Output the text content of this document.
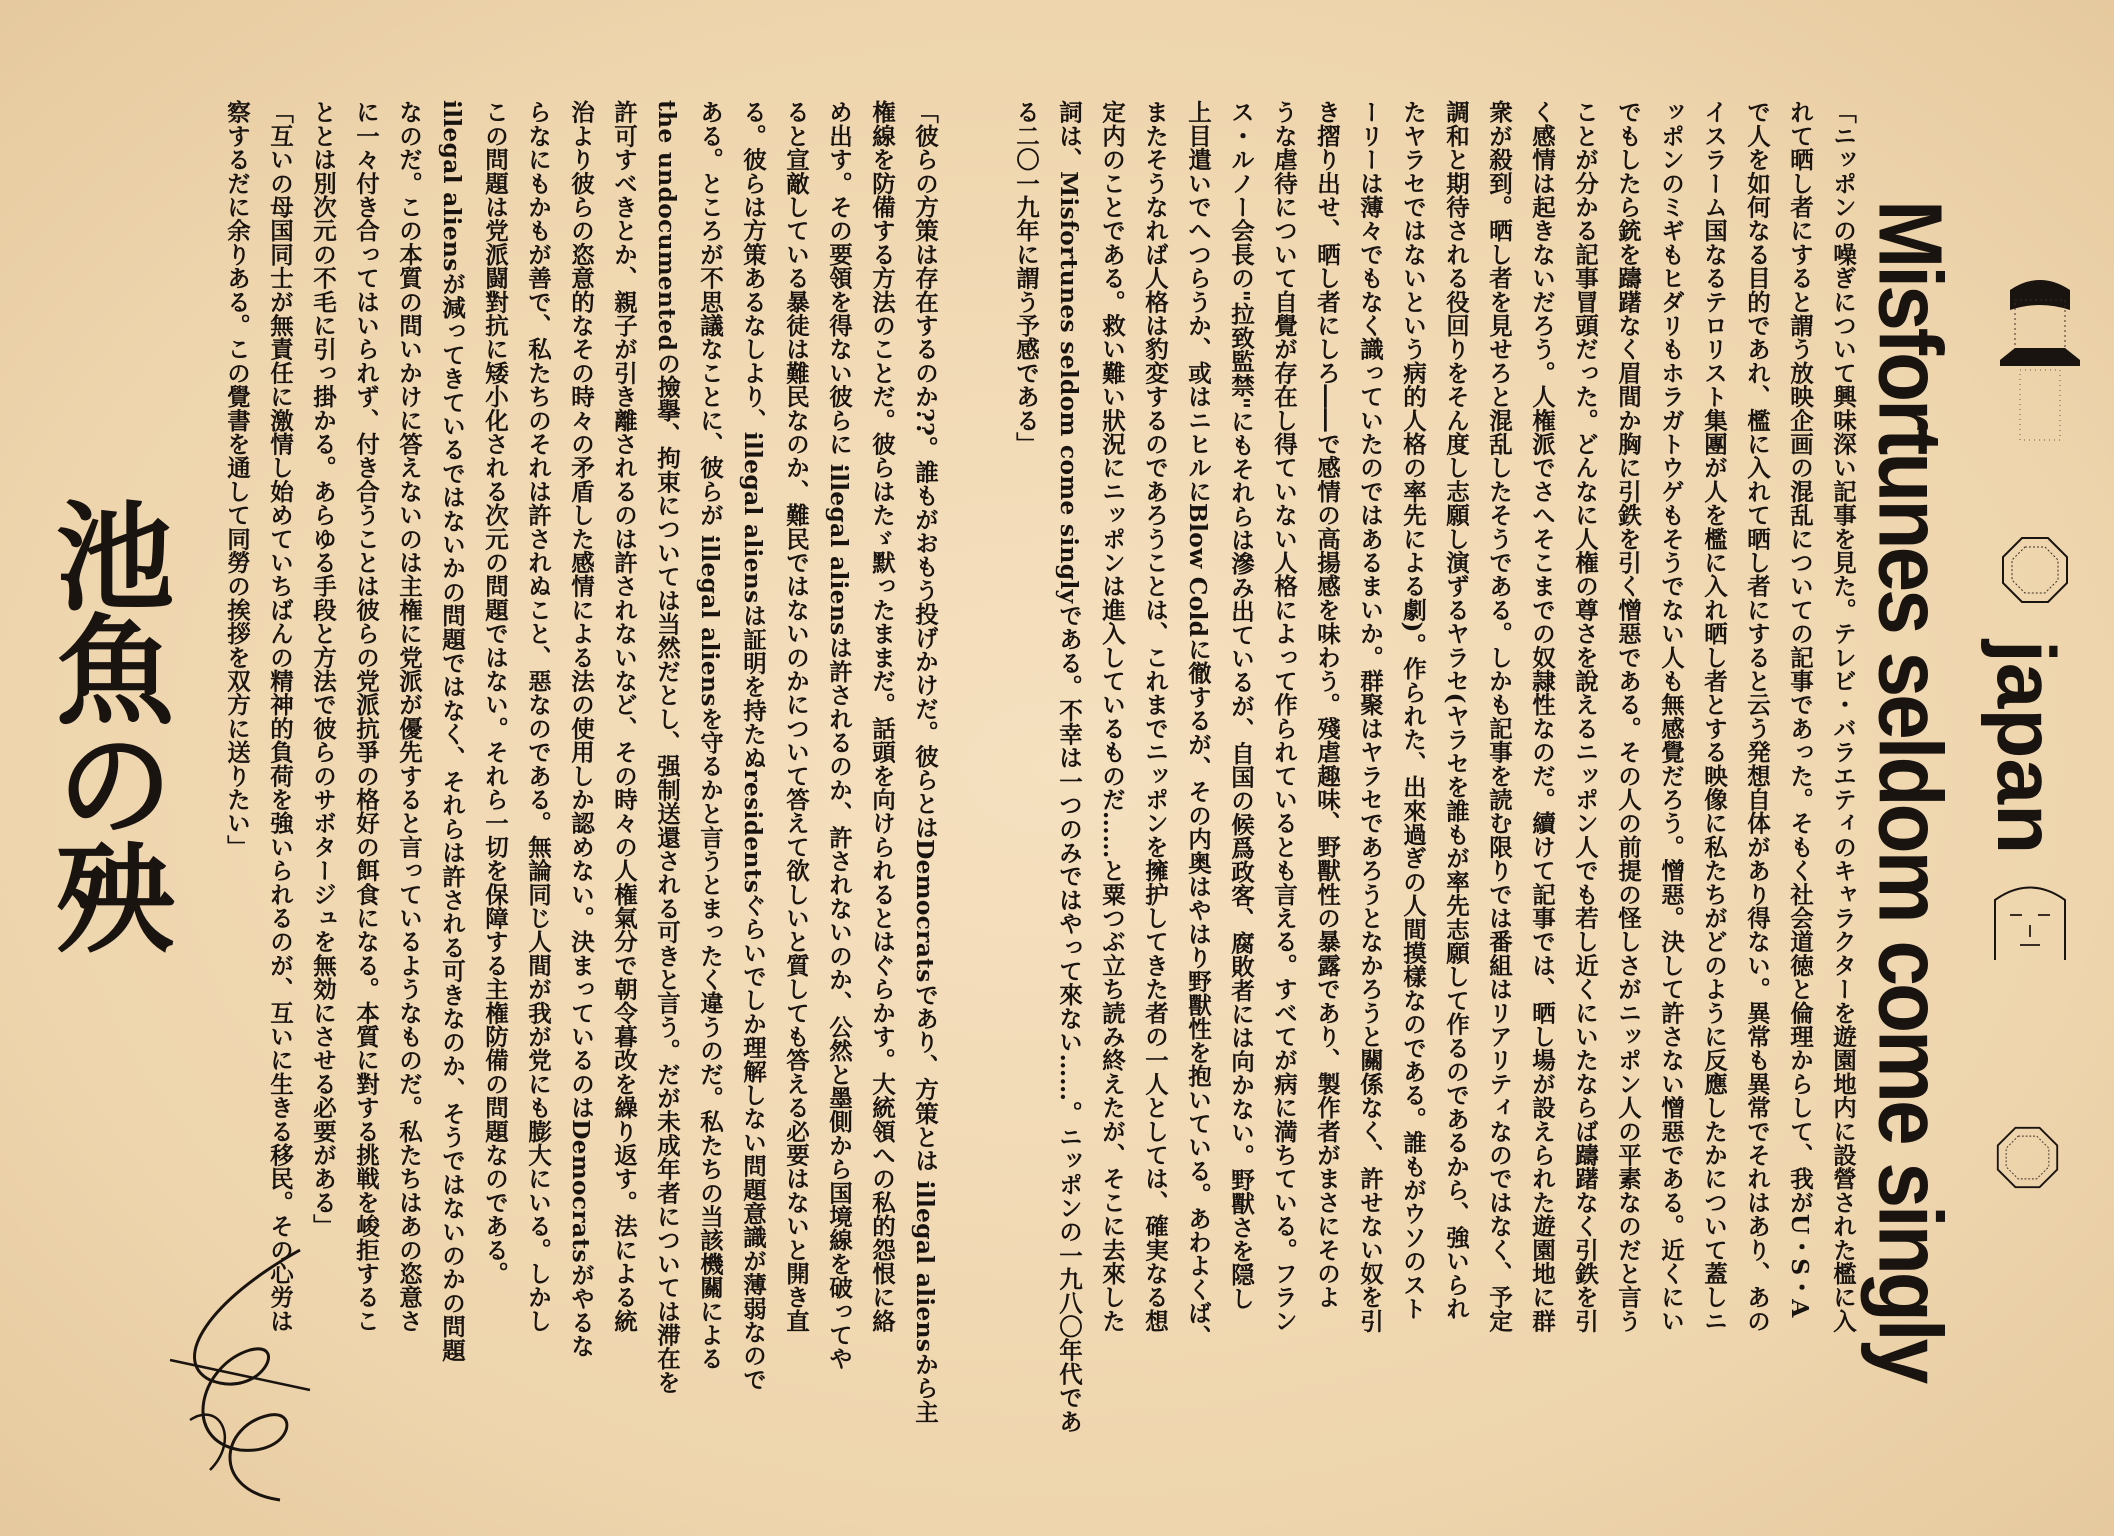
Misfortunes seldom come singly japan
「ニッポンの噪ぎについて興味深い記事を見た。テレビ・バラエティのキャラクターを遊園地内に設營された檻に入
れて晒し者にすると謂う放映企画の混乱についての記事であった。そもく社会道徳と倫理からして、我がU・S・A
で人を如何なる目的であれ、檻に入れて晒し者にすると云う発想自体があり得ない。異常も異常でそれはあり、あの
イスラーム国なるテロリスト集團が人を檻に入れ晒し者とする映像に私たちがどのように反應したかについて蓋しニ
ッポンのミギもヒダリもホラガトウゲもそうでない人も無感覺だろう。憎惡。決して許さない憎惡である。近くにい
でもしたら銃を躊躇なく眉間か胸に引鉄を引く憎惡である。その人の前提の怪しさがニッポン人の平素なのだと言う
ことが分かる記事冒頭だった。どんなに人権の尊さを說えるニッポン人でも若し近くにいたならば躊躇なく引鉄を引
く感情は起きないだろう。人権派でさへそこまでの奴隷性なのだ。續けて記事では、晒し場が設えられた遊園地に群
衆が殺到。晒し者を見せろと混乱したそうである。しかも記事を読む限りでは番組はリアリティなのではなく、予定
調和と期待される役回りをそん度し志願し演ずるヤラセ(ヤラセを誰もが率先志願して作るのであるから、強いられ
たヤラセではないという病的人格の率先による劇)。作られた、出來過ぎの人間摸樣なのである。誰もがウソのスト
ーリーは薄々でもなく識っていたのではあるまいか。群聚はヤラセであろうとなかろうと關係なく、許せない奴を引
き摺り出せ、晒し者にしろ――で感情の高揚感を味わう。殘虐趣味、野獸性の暴露であり、製作者がまさにそのよ
うな虐待について自覺が存在し得ていない人格によって作られているとも言える。すべてが病に満ちている。フラン
ス・ルノー会長の"拉致監禁"にもそれらは滲み出ているが、自国の候爲政客、腐敗者には向かない。野獸さを隠し
上目遣いでへつらうか、或はニヒルにBlow Coldに徹するが、その内奥はやはり野獸性を抱いている。あわよくば、
またそうなれば人格は豹変するのであろうことは、これまでニッポンを擁护してきた者の一人としては、確実なる想
定内のことである。救い難い狀況にニッポンは進入しているものだ……と粟つぶ立ち読み終えたが、そこに去來した
詞は、Misfortunes seldom come singlyである。不幸は一つのみではやって來ない……。ニッポンの一九八〇年代であ
る二〇一九年に謂う予感である」
「彼らの方策は存在するのか??。誰もがおもう投げかけだ。彼らとはDemocratsであり、方策とは illegal aliensから主
権線を防備する方法のことだ。彼らはたゞ默ったままだ。話頭を向けられるとはぐらかす。大統領への私的怨恨に絡
め出す。その要領を得ない彼らに illegal aliensは許されるのか、許されないのか、公然と墨側から国境線を破ってや
ると宣敵している暴徒は難民なのか、難民ではないのかについて答えて欲しいと質しても答える必要はないと開き直
る。彼らは方策あるなしより、illegal aliensは証明を持たぬresidentsぐらいでしか理解しない問題意識が薄弱なので
ある。ところが不思議なことに、彼らが illegal aliensを守るかと言うとまったく違うのだ。私たちの当該機關による
the undocumentedの撿擧、拘束については当然だとし、强制送還される可きと言う。だが未成年者については滞在を
許可すべきとか、親子が引き離されるのは許されないなど、その時々の人権氣分で朝令暮改を繰り返す。法による統
治より彼らの恣意的なその時々の矛盾した感情による法の使用しか認めない。決まっているのはDemocratsがやるな
らなにもかもが善で、私たちのそれは許されぬこと、惡なのである。無論同じ人間が我が党にも膨大にいる。しかし
この問題は党派闘對抗に矮小化される次元の問題ではない。それら一切を保障する主権防備の問題なのである。
illegal aliensが減ってきているではないかの問題ではなく、それらは許される可きなのか、そうではないのかの問題
なのだ。この本質の問いかけに答えないのは主権に党派が優先すると言っているようなものだ。私たちはあの恣意さ
に一々付き合ってはいられず、付き合うことは彼らの党派抗爭の格好の餌食になる。本質に對する挑戦を峻拒するこ
ととは別次元の不毛に引っ掛かる。あらゆる手段と方法で彼らのサボタージュを無効にさせる必要がある」
「互いの母国同士が無責任に激情し始めていちばんの精神的負荷を強いられるのが、互いに生きる移民。その心労は
察するだに余りある。この覺書を通して同勞の挨拶を双方に送りたい」
池魚の殃
